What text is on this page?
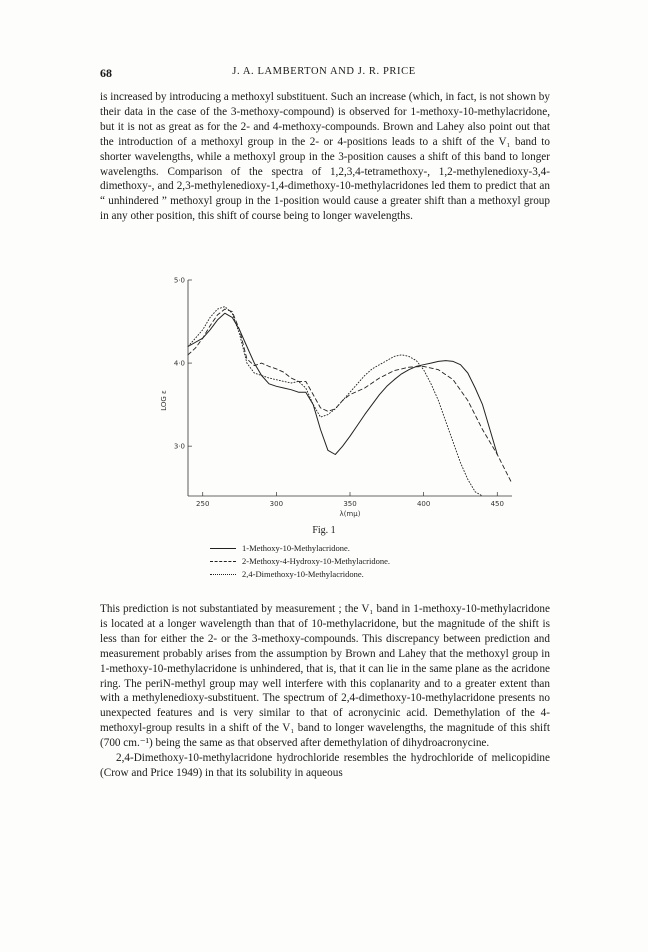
68	J. A. LAMBERTON AND J. R. PRICE

is increased by introducing a methoxyl substituent. Such an increase (which, in fact, is not shown by their data in the case of the 3-methoxy-compound) is observed for 1-methoxy-10-methylacridone, but it is not as great as for the 2- and 4-methoxy-compounds. Brown and Lahey also point out that the introduction of a methoxyl group in the 2- or 4-positions leads to a shift of the V₁ band to shorter wavelengths, while a methoxyl group in the 3-position causes a shift of this band to longer wavelengths. Comparison of the spectra of 1,2,3,4-tetramethoxy-, 1,2-methylenedioxy-3,4-dimethoxy-, and 2,3-methylenedioxy-1,4-dimethoxy-10-methylacridones led them to predict that an “ unhindered ” methoxyl group in the 1-position would cause a greater shift than a methoxyl group in any other position, this shift of course being to longer wavelengths.

250	300	350	400	450
3·0
4·0
5·0
λ(mμ)
LOG ε
Fig. 1
1-Methoxy-10-Methylacridone.
2-Methoxy-4-Hydroxy-10-Methylacridone.
2,4-Dimethoxy-10-Methylacridone.

This prediction is not substantiated by measurement ; the V₁ band in 1-methoxy-10-methylacridone is located at a longer wavelength than that of 10-methylacridone, but the magnitude of the shift is less than for either the 2- or the 3-methoxy-compounds. This discrepancy between prediction and measurement probably arises from the assumption by Brown and Lahey that the methoxyl group in 1-methoxy-10-methylacridone is unhindered, that is, that it can lie in the same plane as the acridone ring. The periN-methyl group may well interfere with this coplanarity and to a greater extent than with a methylenedioxy-substituent. The spectrum of 2,4-dimethoxy-10-methylacridone presents no unexpected features and is very similar to that of acronycinic acid. Demethylation of the 4-methoxyl-group results in a shift of the V₁ band to longer wavelengths, the magnitude of this shift (700 cm.⁻¹) being the same as that observed after demethylation of dihydroacronycine.

2,4-Dimethoxy-10-methylacridone hydrochloride resembles the hydrochloride of melicopidine (Crow and Price 1949) in that its solubility in aqueous
